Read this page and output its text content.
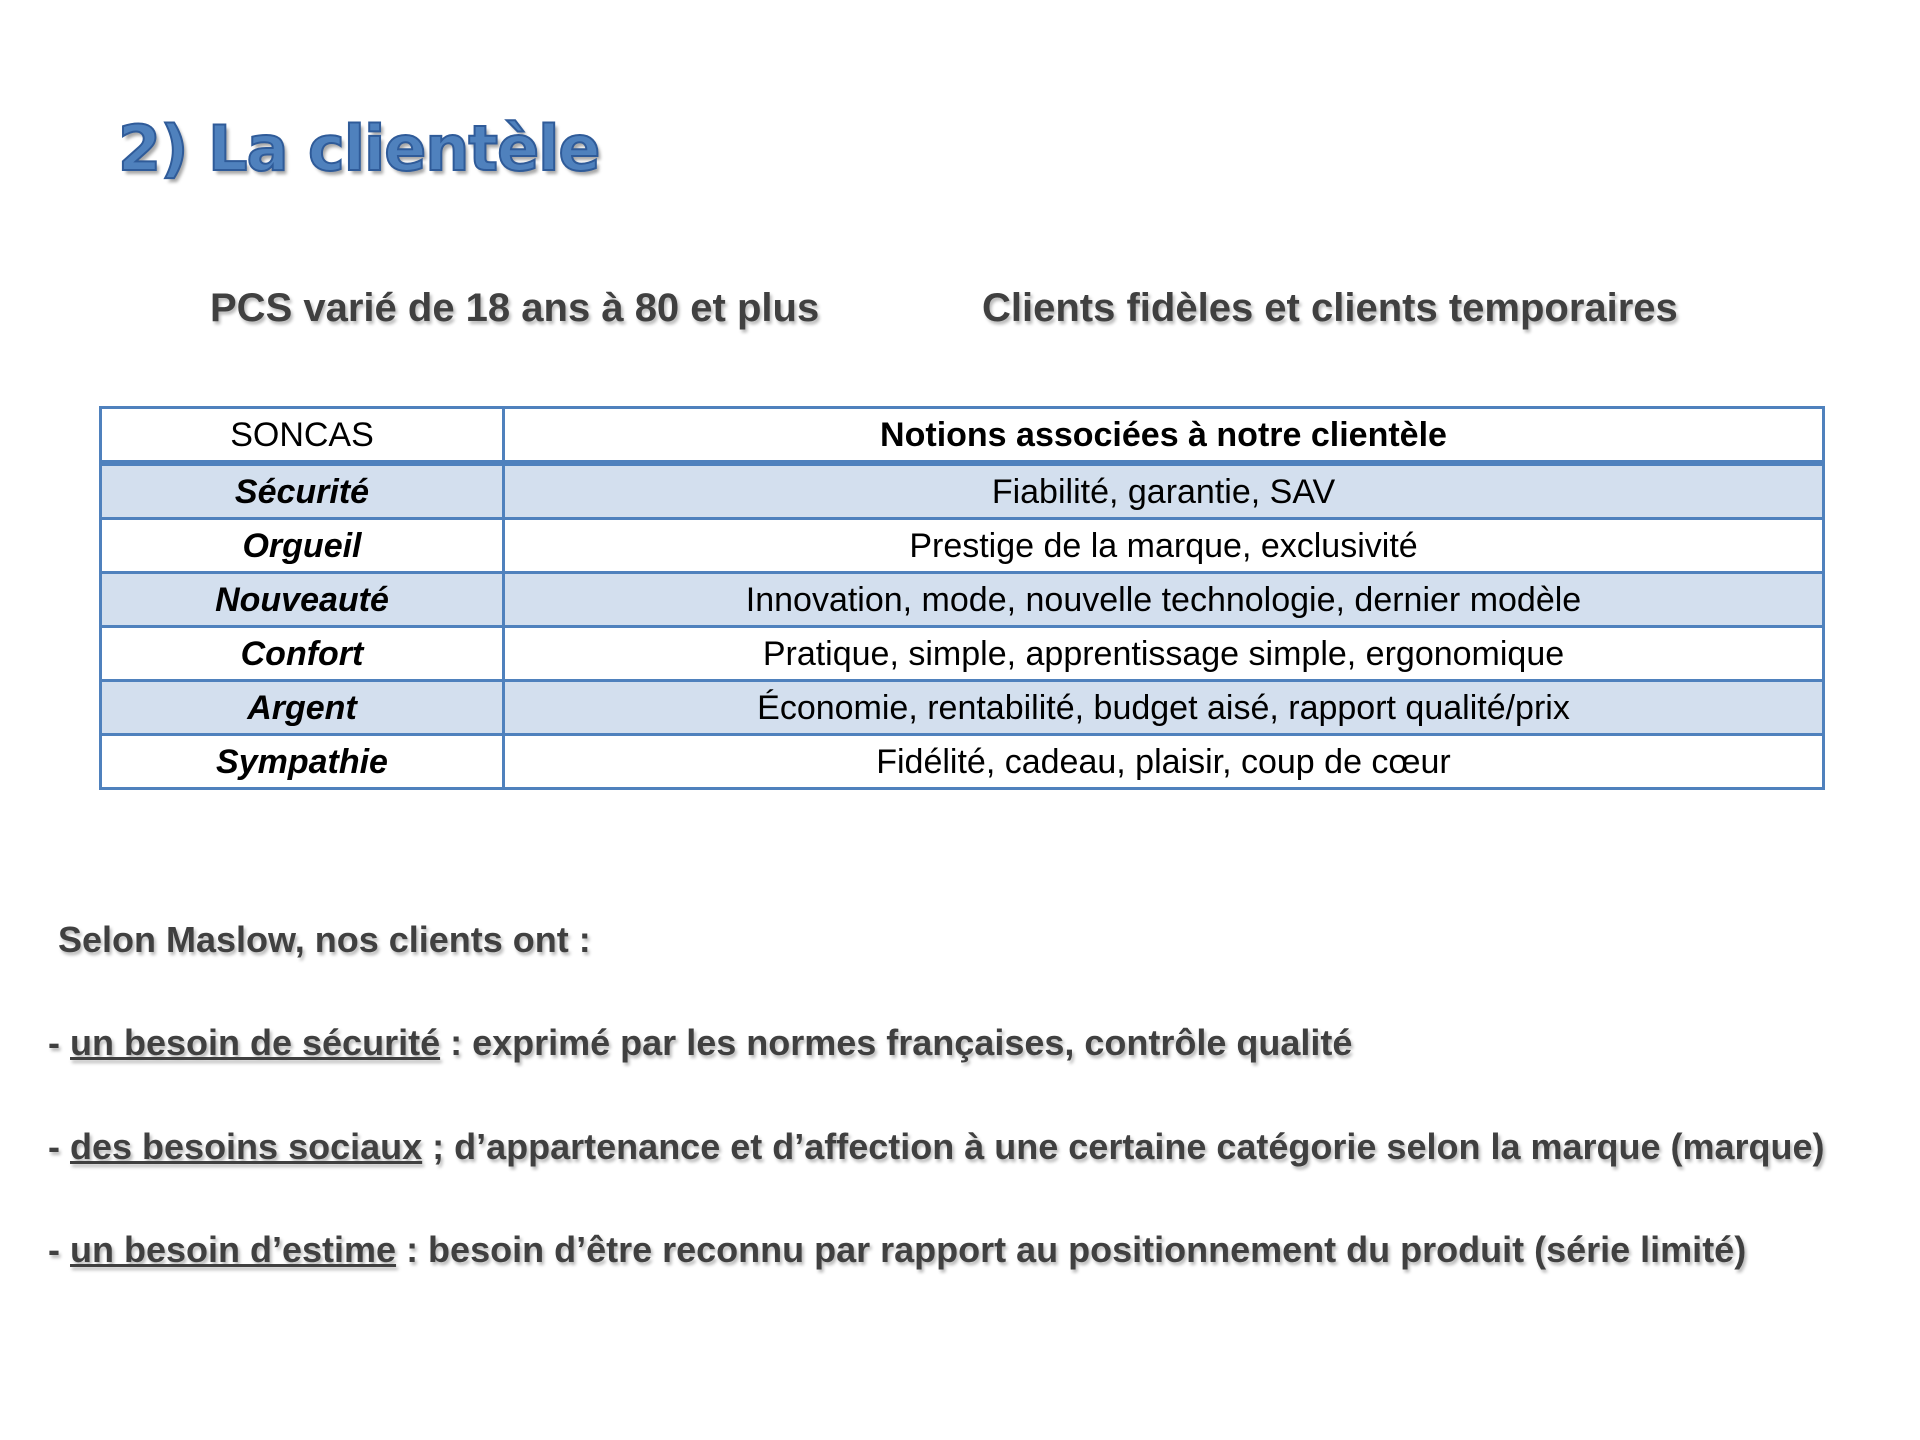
2) La clientèle

PCS varié de 18 ans à 80 et plus	Clients fidèles et clients temporaires

SONCAS	Notions associées à notre clientèle
Sécurité	Fiabilité, garantie, SAV
Orgueil	Prestige de la marque, exclusivité
Nouveauté	Innovation, mode, nouvelle technologie, dernier modèle
Confort	Pratique, simple, apprentissage simple, ergonomique
Argent	Économie, rentabilité, budget aisé, rapport qualité/prix
Sympathie	Fidélité, cadeau, plaisir, coup de cœur

Selon Maslow, nos clients ont :

- un besoin de sécurité : exprimé par les normes françaises, contrôle qualité

- des besoins sociaux ; d’appartenance et d’affection à une certaine catégorie selon la marque (marque)

- un besoin d’estime : besoin d’être reconnu par rapport au positionnement du produit (série limité)
